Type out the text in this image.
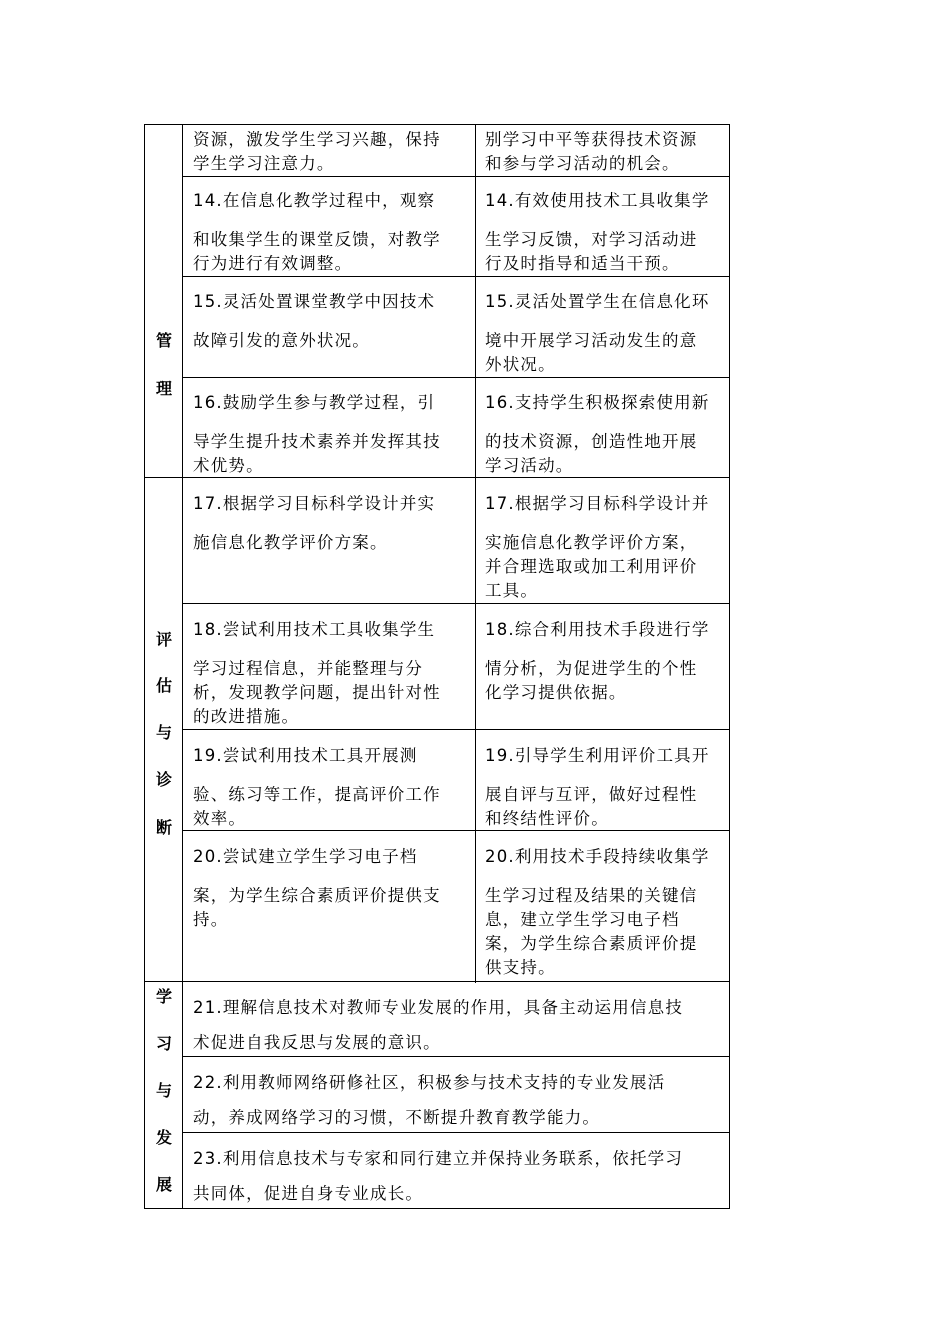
管
理
评
估
与
诊
断
学
习
与
发
展
资源，激发学生学习兴趣，保持
学生学习注意力。
别学习中平等获得技术资源
和参与学习活动的机会。
14.在信息化教学过程中，观察
和收集学生的课堂反馈，对教学
行为进行有效调整。
14.有效使用技术工具收集学
生学习反馈，对学习活动进
行及时指导和适当干预。
15.灵活处置课堂教学中因技术
故障引发的意外状况。
15.灵活处置学生在信息化环
境中开展学习活动发生的意
外状况。
16.鼓励学生参与教学过程，引
导学生提升技术素养并发挥其技
术优势。
16.支持学生积极探索使用新
的技术资源，创造性地开展
学习活动。
17.根据学习目标科学设计并实
施信息化教学评价方案。
17.根据学习目标科学设计并
实施信息化教学评价方案，
并合理选取或加工利用评价
工具。
18.尝试利用技术工具收集学生
学习过程信息，并能整理与分
析，发现教学问题，提出针对性
的改进措施。
18.综合利用技术手段进行学
情分析，为促进学生的个性
化学习提供依据。
19.尝试利用技术工具开展测
验、练习等工作，提高评价工作
效率。
19.引导学生利用评价工具开
展自评与互评，做好过程性
和终结性评价。
20.尝试建立学生学习电子档
案，为学生综合素质评价提供支
持。
20.利用技术手段持续收集学
生学习过程及结果的关键信
息，建立学生学习电子档
案，为学生综合素质评价提
供支持。
21.理解信息技术对教师专业发展的作用，具备主动运用信息技
术促进自我反思与发展的意识。
22.利用教师网络研修社区，积极参与技术支持的专业发展活
动，养成网络学习的习惯，不断提升教育教学能力。
23.利用信息技术与专家和同行建立并保持业务联系，依托学习
共同体，促进自身专业成长。
